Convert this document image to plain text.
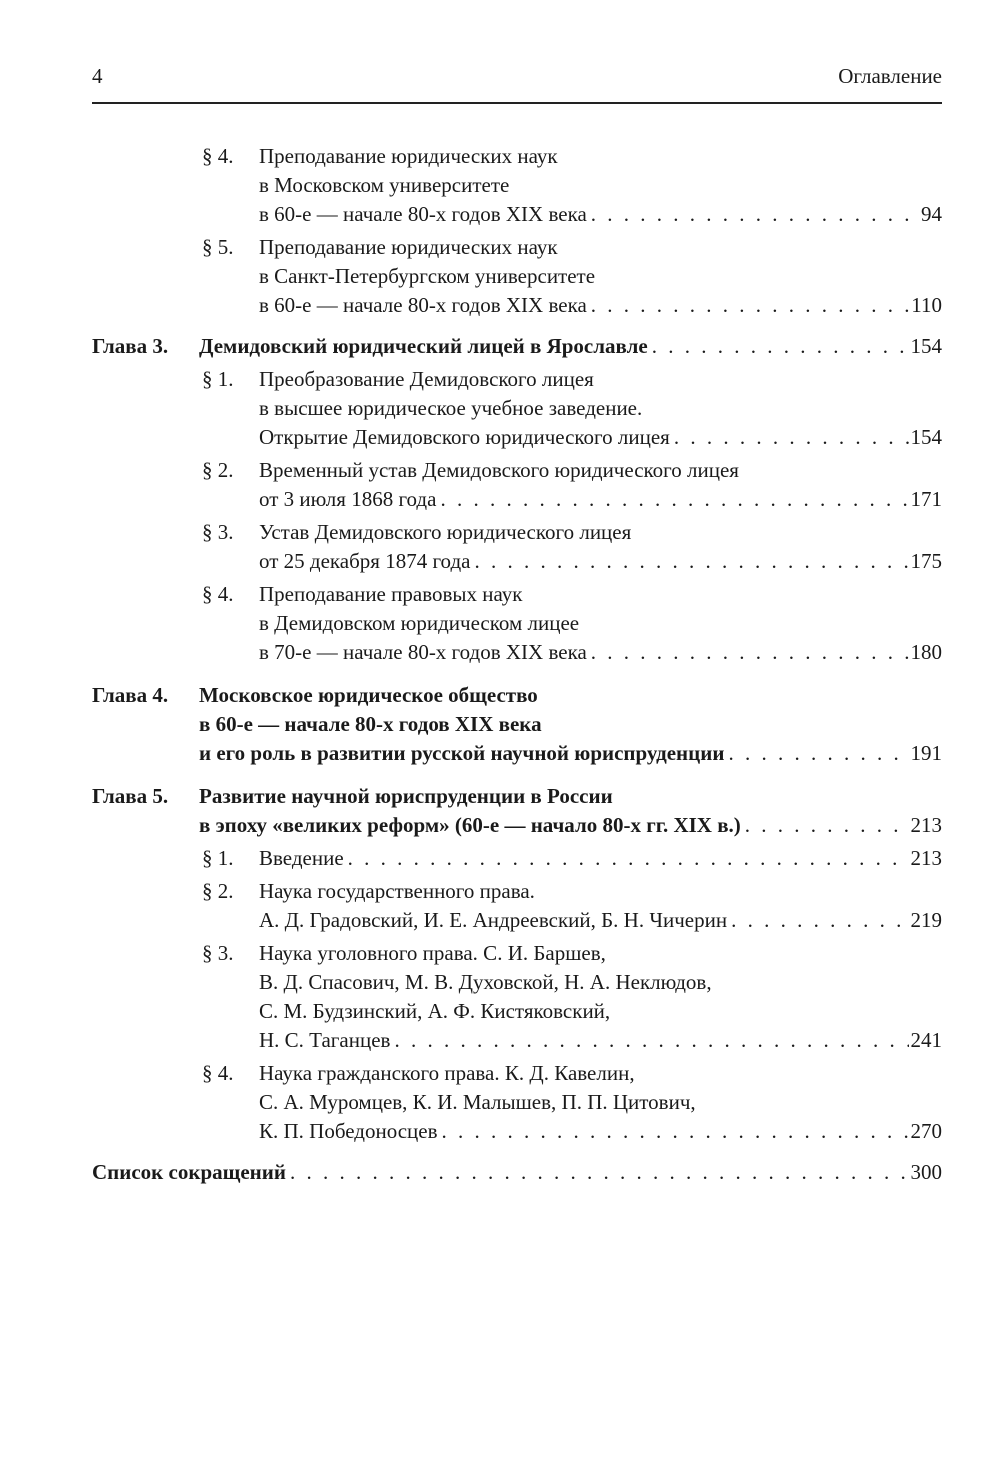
4	Оглавление
§ 4. Преподавание юридических наук
в Московском университете
в 60-е — начале 80-х годов XIX века . . .	94
§ 5. Преподавание юридических наук
в Санкт-Петербургском университете
в 60-е — начале 80-х годов XIX века . . .	110
Глава 3. Демидовский юридический лицей в Ярославле . . .	154
§ 1. Преобразование Демидовского лицея
в высшее юридическое учебное заведение.
Открытие Демидовского юридического лицея . . .	154
§ 2. Временный устав Демидовского юридического лицея
от 3 июля 1868 года . . .	171
§ 3. Устав Демидовского юридического лицея
от 25 декабря 1874 года . . .	175
§ 4. Преподавание правовых наук
в Демидовском юридическом лицее
в 70-е — начале 80-х годов XIX века . . .	180
Глава 4. Московское юридическое общество
в 60-е — начале 80-х годов XIX века
и его роль в развитии русской научной юриспруденции . . .	191
Глава 5. Развитие научной юриспруденции в России
в эпоху «великих реформ» (60-е — начало 80-х гг. XIX в.) . . .	213
§ 1. Введение . . .	213
§ 2. Наука государственного права.
А. Д. Градовский, И. Е. Андреевский, Б. Н. Чичерин . . .	219
§ 3. Наука уголовного права. С. И. Баршев,
В. Д. Спасович, М. В. Духовской, Н. А. Неклюдов,
С. М. Будзинский, А. Ф. Кистяковский,
Н. С. Таганцев . . .	241
§ 4. Наука гражданского права. К. Д. Кавелин,
С. А. Муромцев, К. И. Малышев, П. П. Цитович,
К. П. Победоносцев . . .	270
Список сокращений . . .	300
